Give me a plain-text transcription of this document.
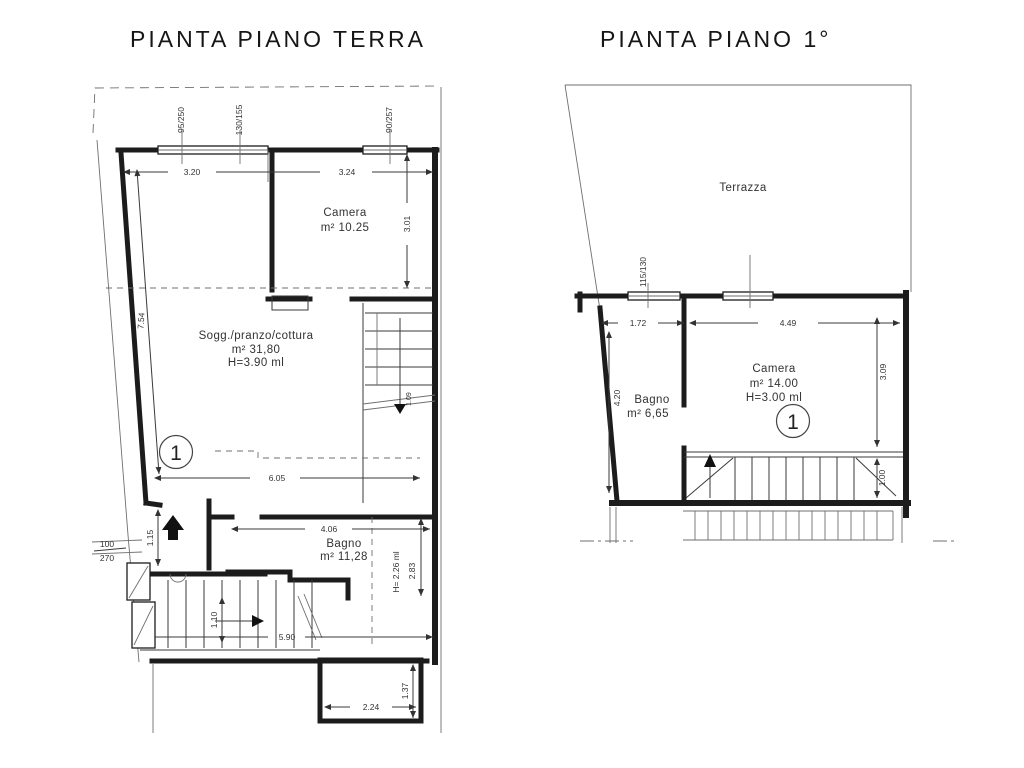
PIANTA PIANO TERRA	PIANTA PIANO 1°
1.09
95/250	130/155	90/257
3.20	3.24
3.01
7.54
6.05
1.15
100
270
4.06
H= 2.26 ml 2.83
1.10
5.90
2.24
1.37
Camera
m² 10.25
Sogg./pranzo/cottura
m² 31,80
H=3.90 ml
Bagno
m² 11,28
1
Terrazza
1.00
115/130
1.72	4.49
4.20
3.09
Bagno
m² 6,65
Camera
m² 14.00
H=3.00 ml
1
